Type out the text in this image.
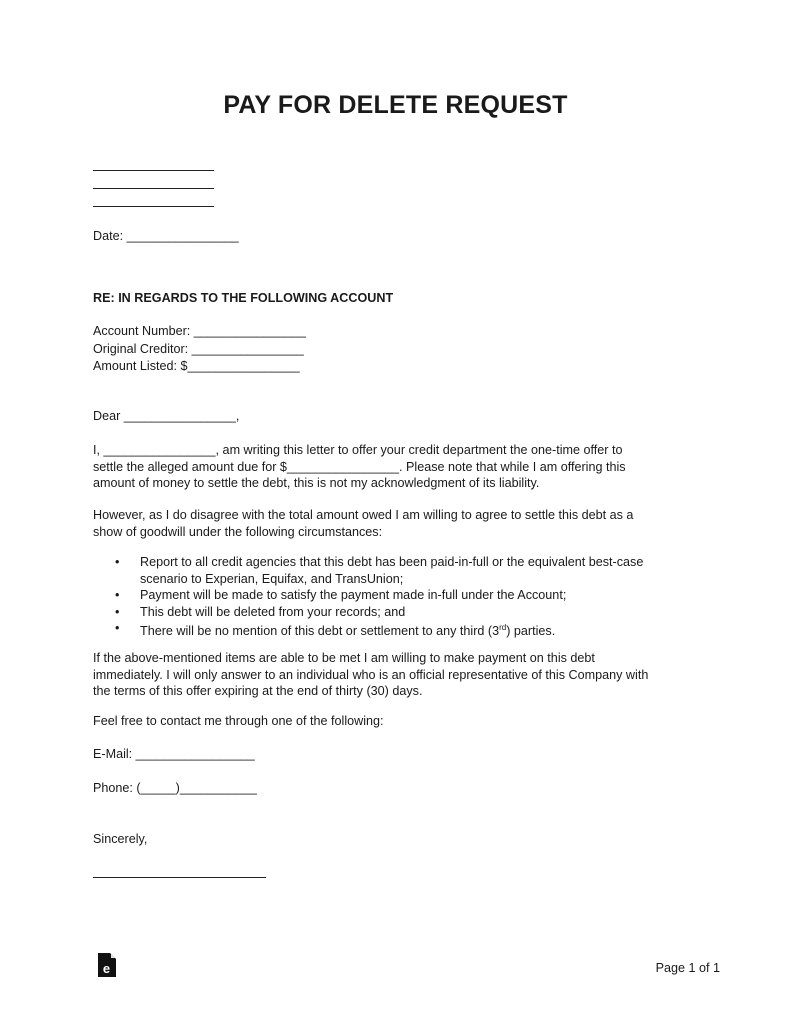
PAY FOR DELETE REQUEST
Date: ________________
RE: IN REGARDS TO THE FOLLOWING ACCOUNT
Account Number: ________________
Original Creditor: ________________
Amount Listed: $________________
Dear ________________,
I, ________________, am writing this letter to offer your credit department the one-time offer to
settle the alleged amount due for $________________. Please note that while I am offering this
amount of money to settle the debt, this is not my acknowledgment of its liability.
However, as I do disagree with the total amount owed I am willing to agree to settle this debt as a
show of goodwill under the following circumstances:
• Report to all credit agencies that this debt has been paid-in-full or the equivalent best-case
scenario to Experian, Equifax, and TransUnion;
• Payment will be made to satisfy the payment made in-full under the Account;
• This debt will be deleted from your records; and
• There will be no mention of this debt or settlement to any third (3rd) parties.
If the above-mentioned items are able to be met I am willing to make payment on this debt
immediately. I will only answer to an individual who is an official representative of this Company with
the terms of this offer expiring at the end of thirty (30) days.
Feel free to contact me through one of the following:
E-Mail: _________________
Phone: (_____)___________
Sincerely,
e	Page 1 of 1
